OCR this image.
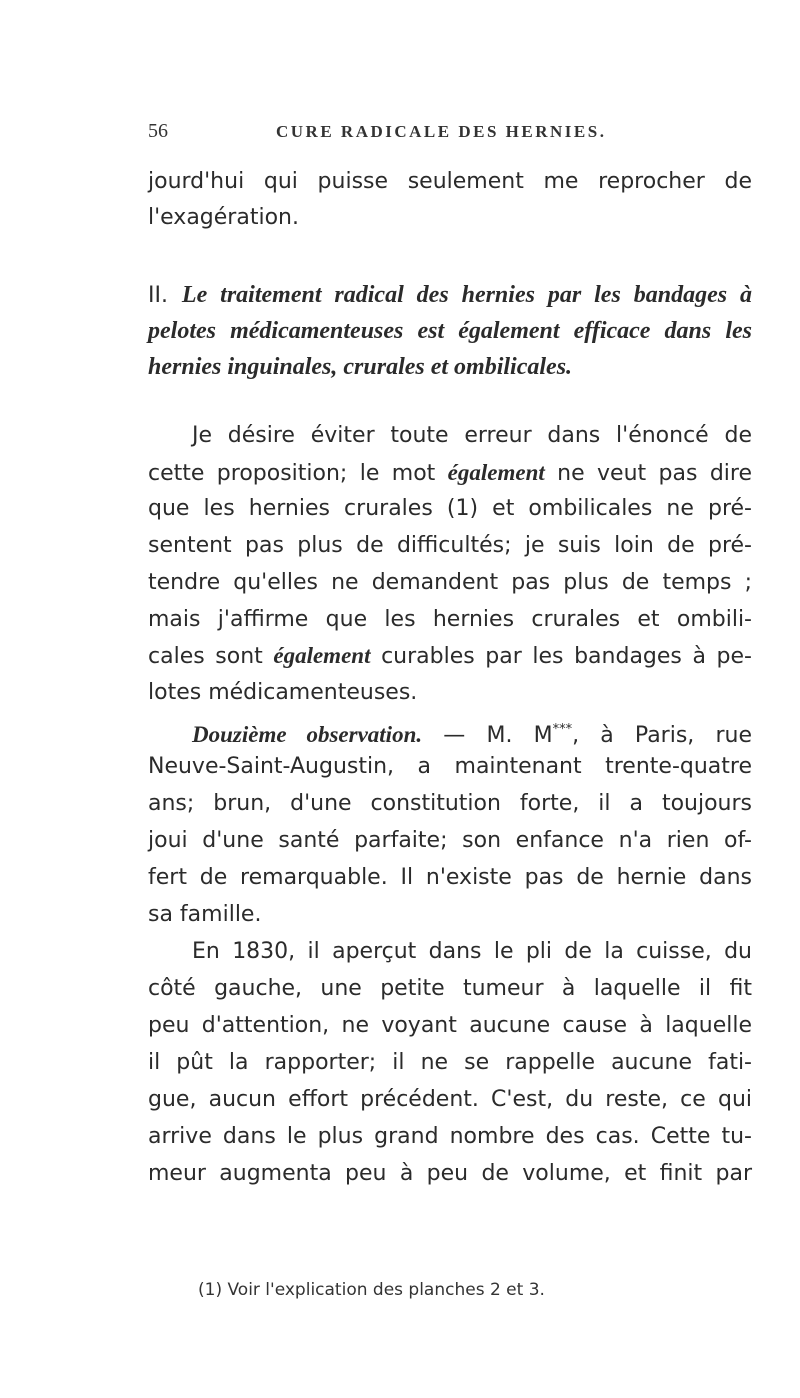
56	CURE RADICALE DES HERNIES.
jourd'hui qui puisse seulement me reprocher de
l'exagération.
II. Le traitement radical des hernies par les bandages à
pelotes médicamenteuses est également efficace dans les
hernies inguinales, crurales et ombilicales.
Je désire éviter toute erreur dans l'énoncé de
cette proposition; le mot également ne veut pas dire
que les hernies crurales (1) et ombilicales ne pré-
sentent pas plus de difficultés; je suis loin de pré-
tendre qu'elles ne demandent pas plus de temps ;
mais j'affirme que les hernies crurales et ombili-
cales sont également curables par les bandages à pe-
lotes médicamenteuses.
Douzième observation. — M. M***, à Paris, rue
Neuve-Saint-Augustin, a maintenant trente-quatre
ans; brun, d'une constitution forte, il a toujours
joui d'une santé parfaite; son enfance n'a rien of-
fert de remarquable. Il n'existe pas de hernie dans
sa famille.
En 1830, il aperçut dans le pli de la cuisse, du
côté gauche, une petite tumeur à laquelle il fit
peu d'attention, ne voyant aucune cause à laquelle
il pût la rapporter; il ne se rappelle aucune fati-
gue, aucun effort précédent. C'est, du reste, ce qui
arrive dans le plus grand nombre des cas. Cette tu-
meur augmenta peu à peu de volume, et finit par
(1) Voir l'explication des planches 2 et 3.
